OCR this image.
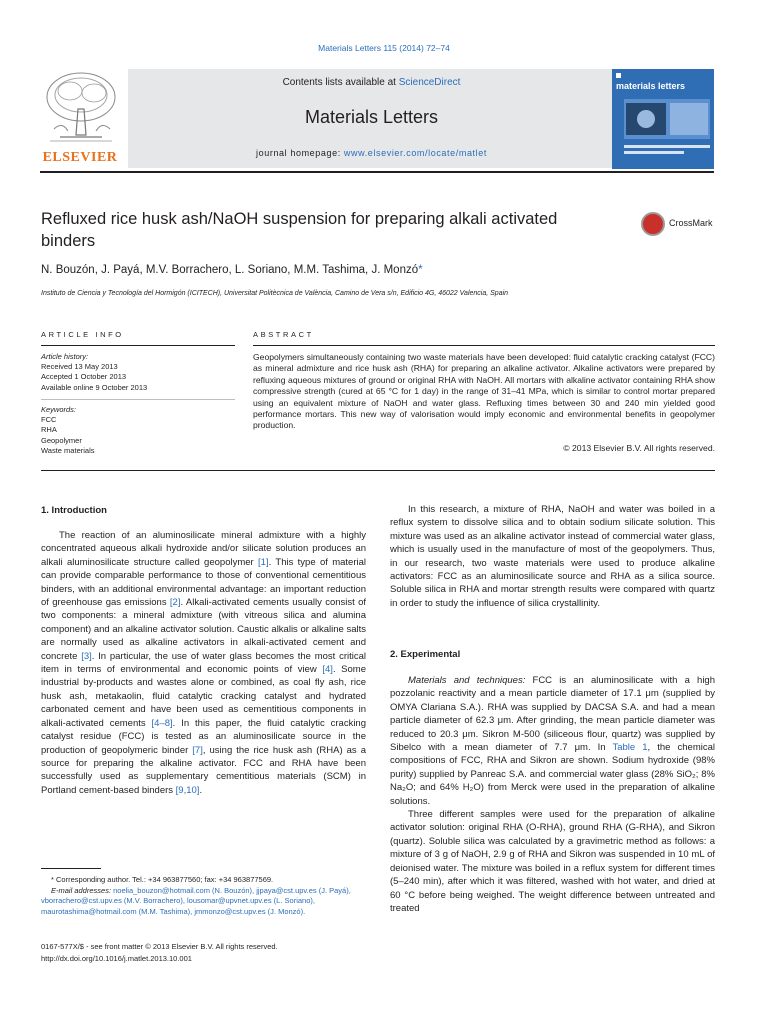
Materials Letters 115 (2014) 72–74
ELSEVIER
Contents lists available at ScienceDirect
Materials Letters
journal homepage: www.elsevier.com/locate/matlet
materials letters
Refluxed rice husk ash/NaOH suspension for preparing alkali activated binders
CrossMark
N. Bouzón, J. Payá, M.V. Borrachero, L. Soriano, M.M. Tashima, J. Monzó*
Instituto de Ciencia y Tecnología del Hormigón (ICITECH), Universitat Politècnica de València, Camino de Vera s/n, Edificio 4G, 46022 Valencia, Spain
ARTICLE INFO	ABSTRACT
Article history:
Received 13 May 2013
Accepted 1 October 2013
Available online 9 October 2013
Keywords:
FCC
RHA
Geopolymer
Waste materials
Geopolymers simultaneously containing two waste materials have been developed: fluid catalytic cracking catalyst (FCC) as mineral admixture and rice husk ash (RHA) for preparing an alkaline activator. Alkaline activators were prepared by refluxing aqueous mixtures of ground or original RHA with NaOH. All mortars with alkaline activator containing RHA show compressive strength (cured at 65 °C for 1 day) in the range of 31–41 MPa, which is similar to control mortar prepared using an equivalent mixture of NaOH and water glass. Refluxing times between 30 and 240 min yielded good performance mortars. This new way of valorisation would imply economic and environmental benefits in geopolymer production.
© 2013 Elsevier B.V. All rights reserved.
1. Introduction

The reaction of an aluminosilicate mineral admixture with a highly concentrated aqueous alkali hydroxide and/or silicate solution produces an alkali aluminosilicate structure called geopolymer [1]. This type of material can provide comparable performance to those of conventional cementitious binders, with an additional environmental advantage: an important reduction of greenhouse gas emissions [2]. Alkali-activated cements usually consist of two components: a mineral admixture (with vitreous silica and alumina component) and an alkaline activator solution. Caustic alkalis or alkaline salts are normally used as alkaline activators in alkali-activated cement and concrete [3]. In particular, the use of water glass becomes the most critical item in terms of environmental and economic points of view [4]. Some industrial by-products and wastes alone or combined, as coal fly ash, rice husk ash, metakaolin, fluid catalytic cracking catalyst and hydrated carbonated cement and have been used as cementitious components in alkali-activated cements [4–8]. In this paper, the fluid catalytic cracking catalyst residue (FCC) is tested as an aluminosilicate source in the production of geopolymeric binder [7], using the rice husk ash (RHA) as a source for preparing the alkaline activator. FCC and RHA have been successfully used as supplementary cementitious materials (SCM) in Portland cement-based binders [9,10].

* Corresponding author. Tel.: +34 963877560; fax: +34 963877569.
E-mail addresses: noelia_bouzon@hotmail.com (N. Bouzón), jjpaya@cst.upv.es (J. Payá), vborrachero@cst.upv.es (M.V. Borrachero), lousomar@upvnet.upv.es (L. Soriano), maurotashima@hotmail.com (M.M. Tashima), jmmonzo@cst.upv.es (J. Monzó).
0167-577X/$ - see front matter © 2013 Elsevier B.V. All rights reserved.
http://dx.doi.org/10.1016/j.matlet.2013.10.001

In this research, a mixture of RHA, NaOH and water was boiled in a reflux system to dissolve silica and to obtain sodium silicate solution. This mixture was used as an alkaline activator instead of commercial water glass, which is usually used in the manufacture of most of the geopolymers. Thus, in our research, two waste materials were used to produce alkaline activators: FCC as an aluminosilicate source and RHA as a silica source. Soluble silica in RHA and mortar strength results were compared with quartz in order to study the influence of silica crystallinity.

2. Experimental

Materials and techniques: FCC is an aluminosilicate with a high pozzolanic reactivity and a mean particle diameter of 17.1 μm (supplied by OMYA Clariana S.A.). RHA was supplied by DACSA S.A. and had a mean particle diameter of 62.3 μm. After grinding, the mean particle diameter was reduced to 20.3 μm. Sikron M-500 (siliceous flour, quartz) was supplied by Sibelco with a mean diameter of 7.7 μm. In Table 1, the chemical compositions of FCC, RHA and Sikron are shown. Sodium hydroxide (98% purity) supplied by Panreac S.A. and commercial water glass (28% SiO₂; 8% Na₂O; and 64% H₂O) from Merck were used in the preparation of alkaline solutions.

Three different samples were used for the preparation of alkaline activator solution: original RHA (O-RHA), ground RHA (G-RHA), and Sikron (quartz). Soluble silica was calculated by a gravimetric method as follows: a mixture of 3 g of NaOH, 2.9 g of RHA and Sikron was suspended in 10 mL of deionised water. The mixture was boiled in a reflux system for different times (5–240 min), after which it was filtered, washed with hot water, and dried at 60 °C before being weighed. The weight difference between untreated and treated
